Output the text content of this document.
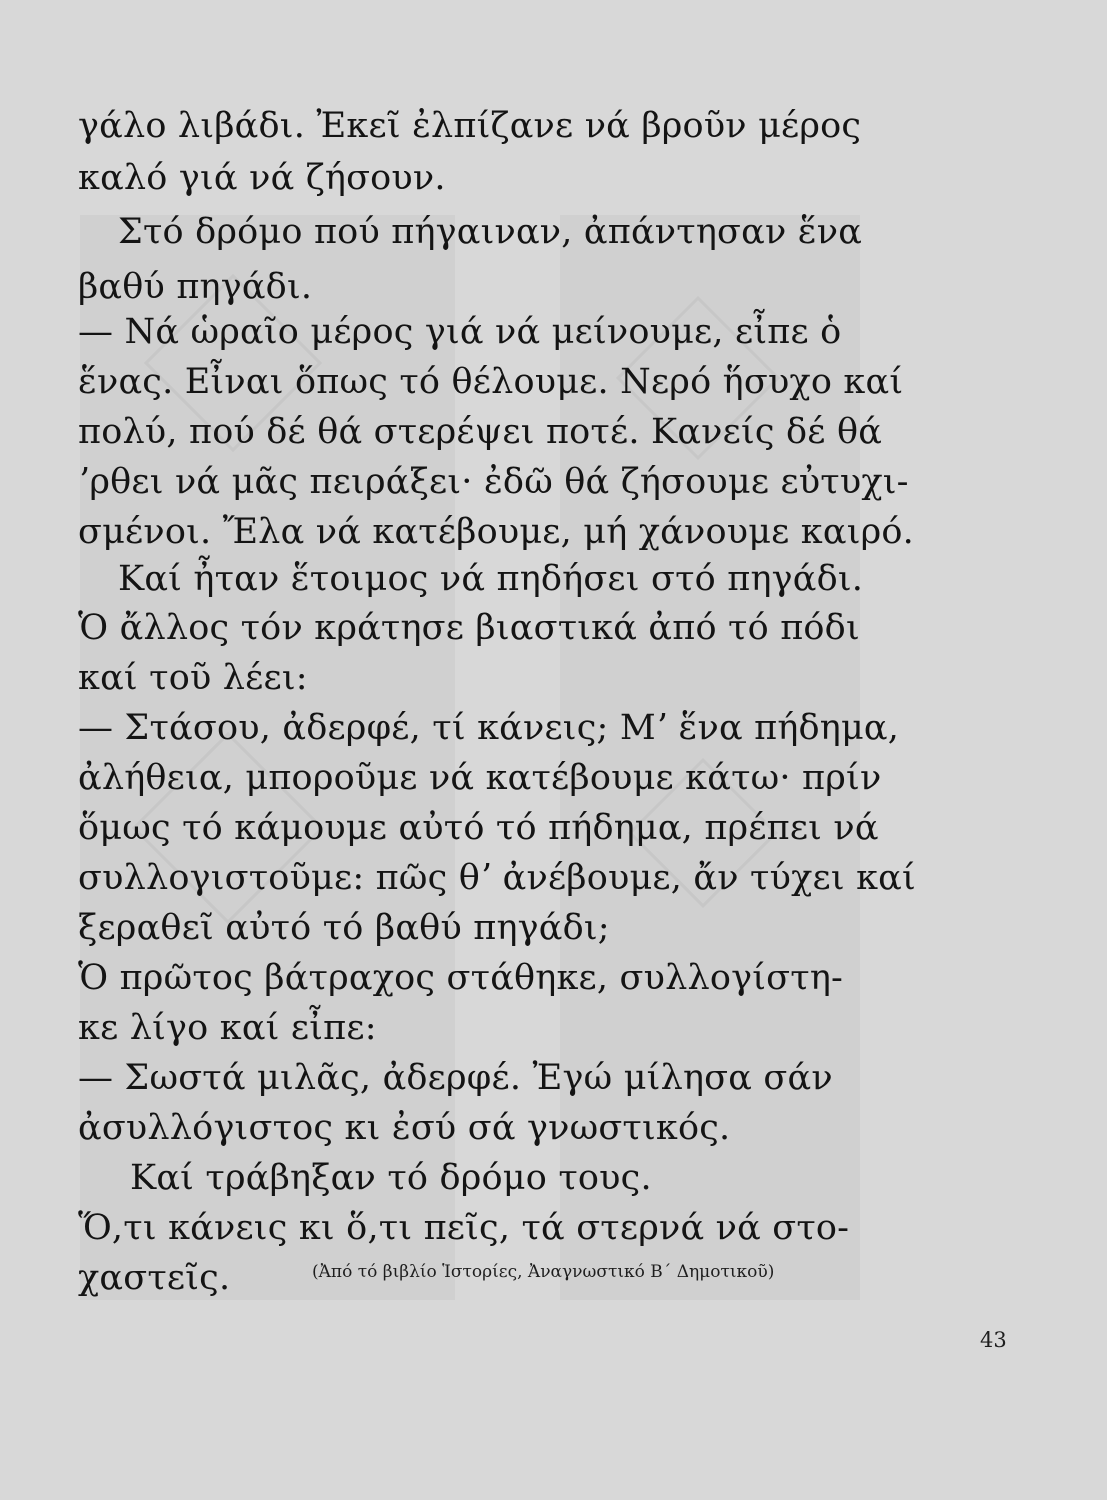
γάλο λιβάδι. Ἐκεῖ ἐλπίζανε νά βροῦν μέρος
καλό γιά νά ζήσουν.
Στό δρόμο πού πήγαιναν, ἀπάντησαν ἕνα
βαθύ πηγάδι.
— Νά ὡραῖο μέρος γιά νά μείνουμε, εἶπε ὁ
ἕνας. Εἶναι ὅπως τό θέλουμε. Νερό ἥσυχο καί
πολύ, πού δέ θά στερέψει ποτέ. Κανείς δέ θά
ʼρθει νά μᾶς πειράξει· ἐδῶ θά ζήσουμε εὐτυχι-
σμένοι. Ἔλα νά κατέβουμε, μή χάνουμε καιρό.
Καί ἦταν ἕτοιμος νά πηδήσει στό πηγάδι.
Ὁ ἄλλος τόν κράτησε βιαστικά ἀπό τό πόδι
καί τοῦ λέει:
— Στάσου, ἀδερφέ, τί κάνεις; Μʼ ἕνα πήδημα,
ἀλήθεια, μποροῦμε νά κατέβουμε κάτω· πρίν
ὅμως τό κάμουμε αὐτό τό πήδημα, πρέπει νά
συλλογιστοῦμε: πῶς θʼ ἀνέβουμε, ἄν τύχει καί
ξεραθεῖ αὐτό τό βαθύ πηγάδι;
Ὁ πρῶτος βάτραχος στάθηκε, συλλογίστη-
κε λίγο καί εἶπε:
— Σωστά μιλᾶς, ἀδερφέ. Ἐγώ μίλησα σάν
ἀσυλλόγιστος κι ἐσύ σά γνωστικός.
Καί τράβηξαν τό δρόμο τους.
Ὅ,τι κάνεις κι ὅ,τι πεῖς, τά στερνά νά στο-
χαστεῖς.	(Ἀπό τό βιβλίο Ἱστορίες, Ἀναγνωστικό Β΄ Δημοτικοῦ)
43
